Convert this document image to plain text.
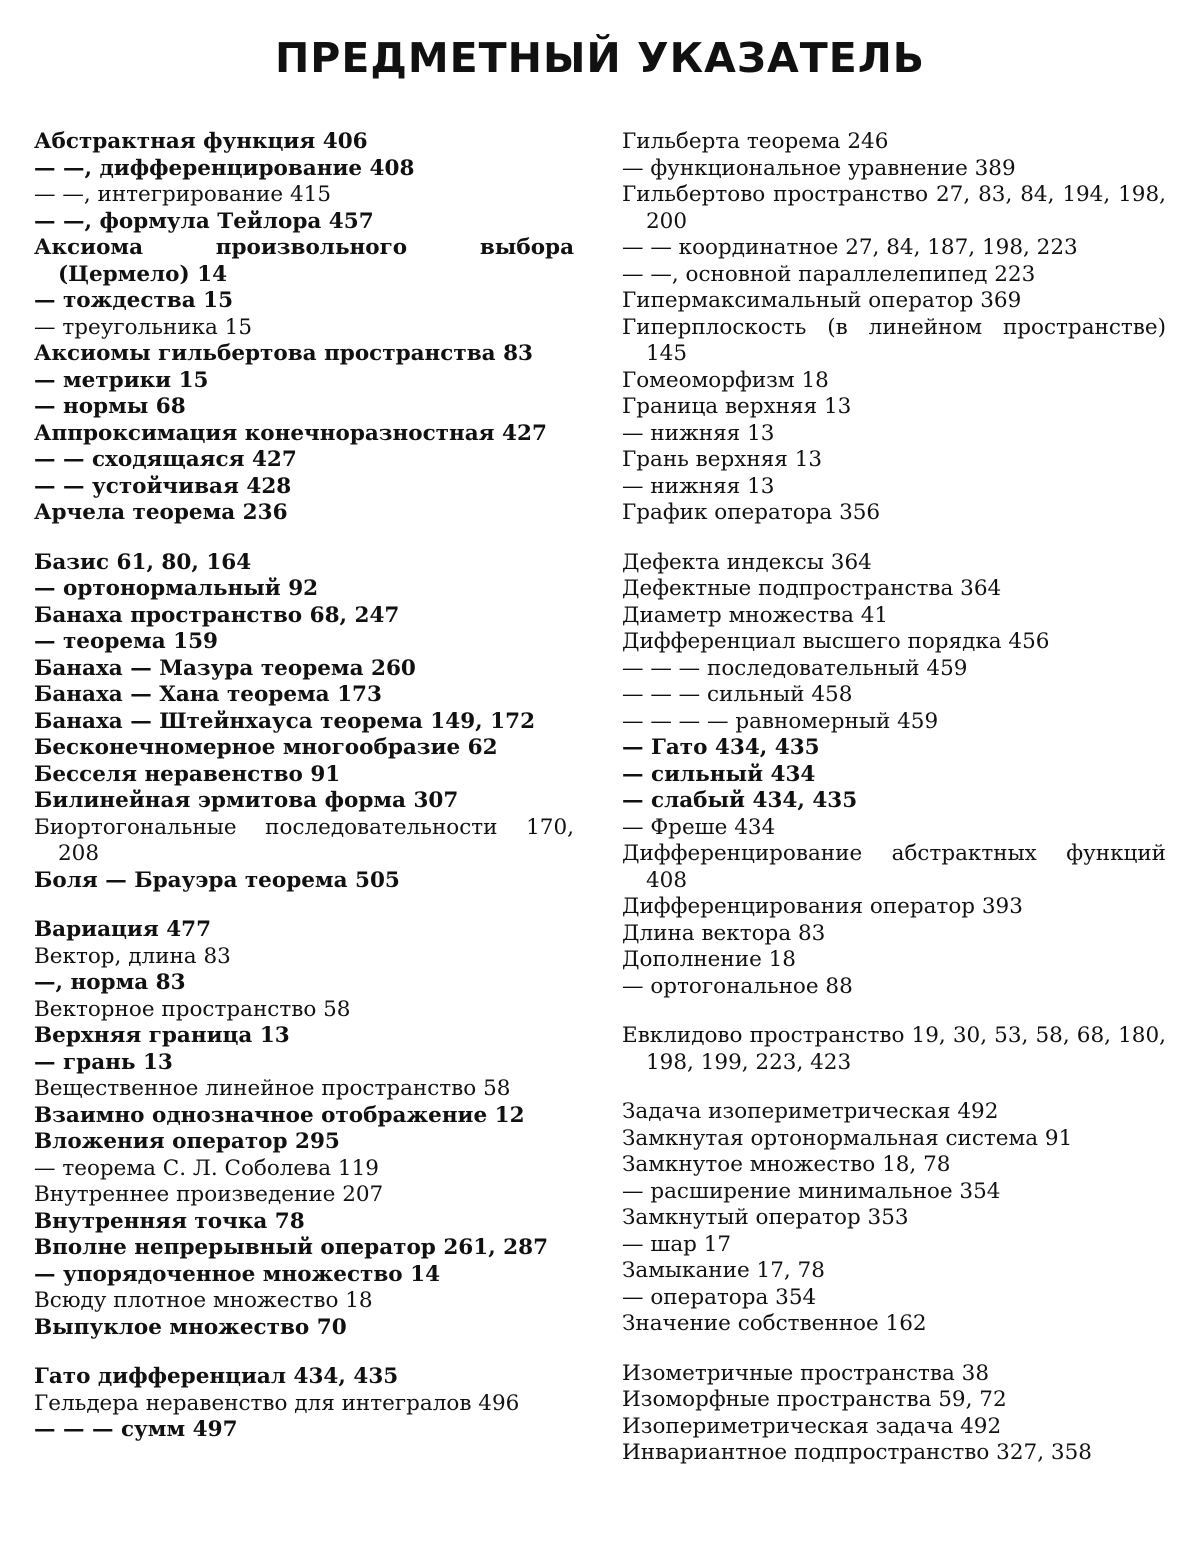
ПРЕДМЕТНЫЙ УКАЗАТЕЛЬ
Абстрактная функция 406
— —, дифференцирование 408
— —, интегрирование 415
— —, формула Тейлора 457
Аксиома произвольного выбора (Цермело) 14
— тождества 15
— треугольника 15
Аксиомы гильбертова пространства 83
— метрики 15
— нормы 68
Аппроксимация конечноразностная 427
— — сходящаяся 427
— — устойчивая 428
Арчела теорема 236
Базис 61, 80, 164
— ортонормальный 92
Банаха пространство 68, 247
— теорема 159
Банаха — Мазура теорема 260
Банаха — Хана теорема 173
Банаха — Штейнхауса теорема 149, 172
Бесконечномерное многообразие 62
Бесселя неравенство 91
Билинейная эрмитова форма 307
Биортогональные последовательности 170, 208
Боля — Брауэра теорема 505
Вариация 477
Вектор, длина 83
—, норма 83
Векторное пространство 58
Верхняя граница 13
— грань 13
Вещественное линейное пространство 58
Взаимно однозначное отображение 12
Вложения оператор 295
— теорема С. Л. Соболева 119
Внутреннее произведение 207
Внутренняя точка 78
Вполне непрерывный оператор 261, 287
— упорядоченное множество 14
Всюду плотное множество 18
Выпуклое множество 70
Гато дифференциал 434, 435
Гельдера неравенство для интегралов 496
— — — сумм 497
Гильберта теорема 246
— функциональное уравнение 389
Гильбертово пространство 27, 83, 84, 194, 198, 200
— — координатное 27, 84, 187, 198, 223
— —, основной параллелепипед 223
Гипермаксимальный оператор 369
Гиперплоскость (в линейном пространстве) 145
Гомеоморфизм 18
Граница верхняя 13
— нижняя 13
Грань верхняя 13
— нижняя 13
График оператора 356
Дефекта индексы 364
Дефектные подпространства 364
Диаметр множества 41
Дифференциал высшего порядка 456
— — — последовательный 459
— — — сильный 458
— — — — равномерный 459
— Гато 434, 435
— сильный 434
— слабый 434, 435
— Фреше 434
Дифференцирование абстрактных функций 408
Дифференцирования оператор 393
Длина вектора 83
Дополнение 18
— ортогональное 88
Евклидово пространство 19, 30, 53, 58, 68, 180, 198, 199, 223, 423
Задача изопериметрическая 492
Замкнутая ортонормальная система 91
Замкнутое множество 18, 78
— расширение минимальное 354
Замкнутый оператор 353
— шар 17
Замыкание 17, 78
— оператора 354
Значение собственное 162
Изометричные пространства 38
Изоморфные пространства 59, 72
Изопериметрическая задача 492
Инвариантное подпространство 327, 358
